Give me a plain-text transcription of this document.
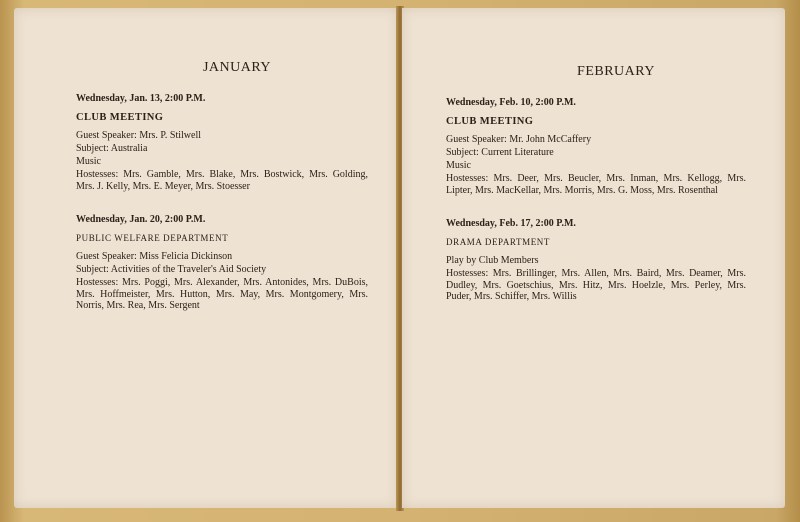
JANUARY
Wednesday, Jan. 13, 2:00 P.M.
CLUB MEETING
Guest Speaker: Mrs. P. Stilwell
Subject: Australia
Music

Hostesses: Mrs. Gamble, Mrs. Blake, Mrs. Bostwick, Mrs. Golding, Mrs. J. Kelly, Mrs. E. Meyer, Mrs. Stoesser

Wednesday, Jan. 20, 2:00 P.M.
PUBLIC WELFARE DEPARTMENT
Guest Speaker: Miss Felicia Dickinson
Subject: Activities of the Traveler's Aid Society

Hostesses: Mrs. Poggi, Mrs. Alexander, Mrs. Antonides, Mrs. DuBois, Mrs. Hoffmeister, Mrs. Hutton, Mrs. May, Mrs. Montgomery, Mrs. Norris, Mrs. Rea, Mrs. Sergent

FEBRUARY
Wednesday, Feb. 10, 2:00 P.M.
CLUB MEETING
Guest Speaker: Mr. John McCaffery
Subject: Current Literature
Music

Hostesses: Mrs. Deer, Mrs. Beucler, Mrs. Inman, Mrs. Kellogg, Mrs. Lipter, Mrs. MacKellar, Mrs. Morris, Mrs. G. Moss, Mrs. Rosenthal

Wednesday, Feb. 17, 2:00 P.M.
DRAMA DEPARTMENT
Play by Club Members

Hostesses: Mrs. Brillinger, Mrs. Allen, Mrs. Baird, Mrs. Deamer, Mrs. Dudley, Mrs. Goetschius, Mrs. Hitz, Mrs. Hoelzle, Mrs. Perley, Mrs. Puder, Mrs. Schiffer, Mrs. Willis
